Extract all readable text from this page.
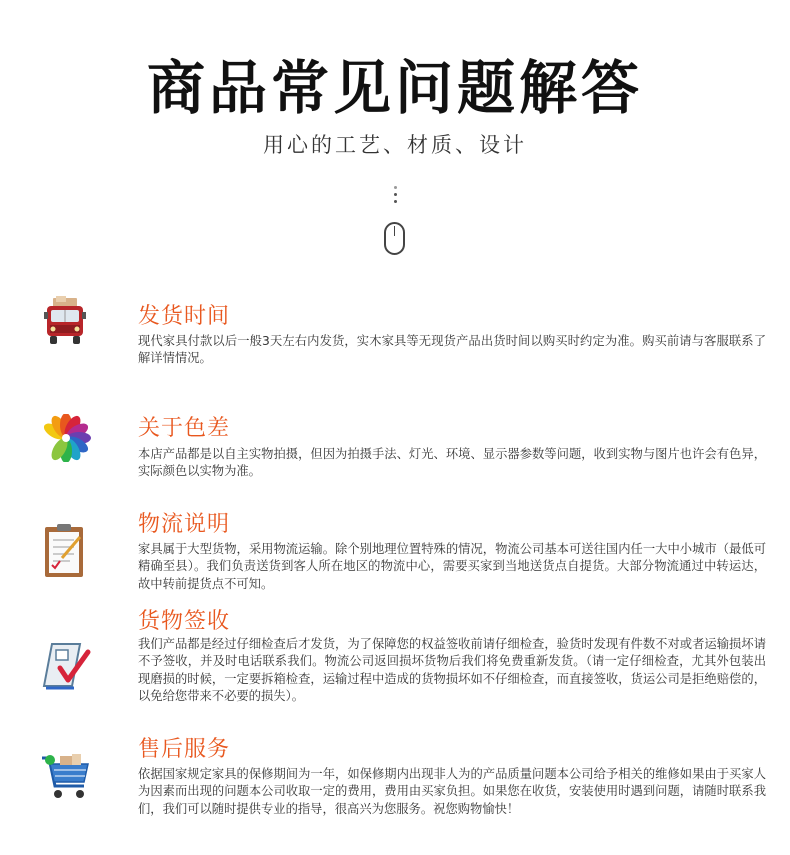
商品常见问题解答
用心的工艺、材质、设计
发货时间
现代家具付款以后一般3天左右内发货，实木家具等无现货产品出货时间以购买时约定为准。购买前请与客服联系了解详情情况。
关于色差
本店产品都是以自主实物拍摄，但因为拍摄手法、灯光、环境、显示器参数等问题，收到实物与图片也许会有色异，实际颜色以实物为准。
物流说明
家具属于大型货物，采用物流运输。除个别地理位置特殊的情况，物流公司基本可送往国内任一大中小城市（最低可精确至县）。我们负责送货到客人所在地区的物流中心，需要买家到当地送货点自提货。大部分物流通过中转运达，故中转前提货点不可知。
货物签收
我们产品都是经过仔细检查后才发货，为了保障您的权益签收前请仔细检查，验货时发现有件数不对或者运输损坏请不予签收，并及时电话联系我们。物流公司返回损坏货物后我们将免费重新发货。（请一定仔细检查，尤其外包装出现磨损的时候，一定要拆箱检查，运输过程中造成的货物损坏如不仔细检查，而直接签收，货运公司是拒绝赔偿的，以免给您带来不必要的损失）。
售后服务
依据国家规定家具的保修期间为一年，如保修期内出现非人为的产品质量问题本公司给予相关的维修如果由于买家人为因素而出现的问题本公司收取一定的费用，费用由买家负担。如果您在收货，安装使用时遇到问题，请随时联系我们，我们可以随时提供专业的指导，很高兴为您服务。祝您购物愉快！
